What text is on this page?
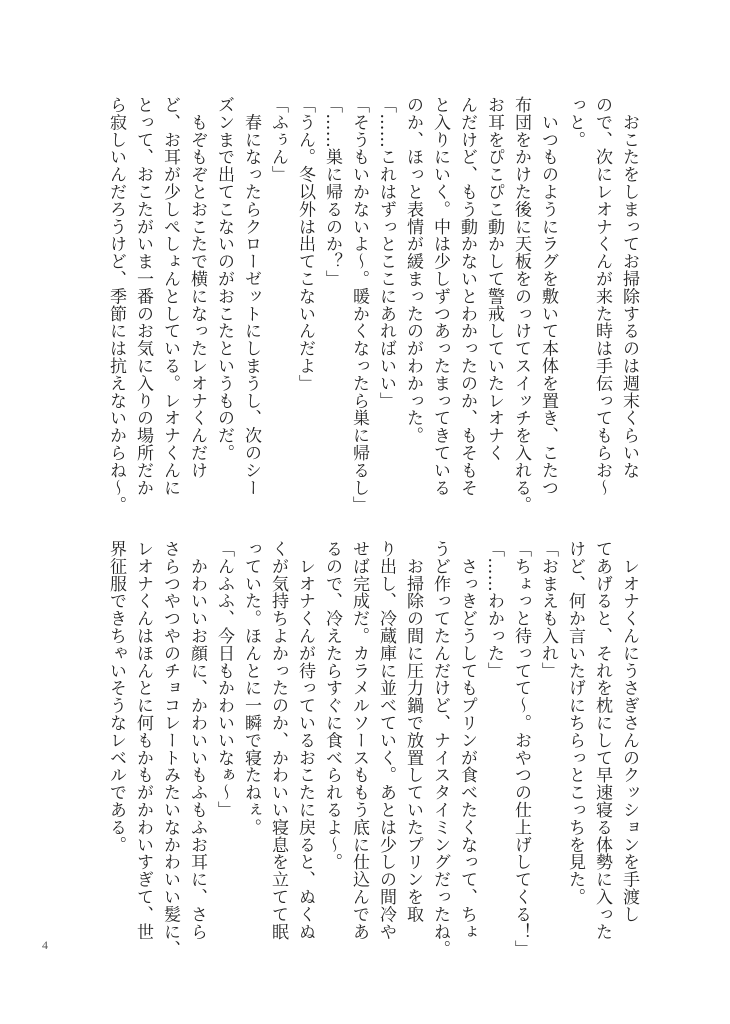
　おこたをしまってお掃除するのは週末くらいな
ので、次にレオナくんが来た時は手伝ってもらお～
っと。
　いつものようにラグを敷いて本体を置き、こたつ
布団をかけた後に天板をのっけてスイッチを入れる。
お耳をぴこぴこ動かして警戒していたレオナく
んだけど、もう動かないとわかったのか、もそもそ
と入りにいく。中は少しずつあったまってきている
のか、ほっと表情が緩まったのがわかった。
「……これはずっとここにあればいい」
「そうもいかないよ～。暖かくなったら巣に帰るし」
「……巣に帰るのか？」
「うん。冬以外は出てこないんだよ」
「ふぅん」
　春になったらクローゼットにしまうし、次のシー
ズンまで出てこないのがおこたというものだ。
　もぞもぞとおこたで横になったレオナくんだけ
ど、お耳が少しぺしょんとしている。レオナくんに
とって、おこたがいま一番のお気に入りの場所だか
ら寂しいんだろうけど、季節には抗えないからね～。
　レオナくんにうさぎさんのクッションを手渡し
てあげると、それを枕にして早速寝る体勢に入った
けど、何か言いたげにちらっとこっちを見た。
「おまえも入れ」
「ちょっと待ってて～。おやつの仕上げしてくる！」
「……わかった」
　さっきどうしてもプリンが食べたくなって、ちょ
うど作ってたんだけど、ナイスタイミングだったね。
　お掃除の間に圧力鍋で放置していたプリンを取
り出し、冷蔵庫に並べていく。あとは少しの間冷や
せば完成だ。カラメルソースももう底に仕込んであ
るので、冷えたらすぐに食べられるよ～。
　レオナくんが待っているおこたに戻ると、ぬくぬ
くが気持ちよかったのか、かわいい寝息を立てて眠
っていた。ほんとに一瞬で寝たねぇ。
「んふふ、今日もかわいいなぁ～」
　かわいいお顔に、かわいいもふもふお耳に、さら
さらつやつやのチョコレートみたいなかわいい髪に、
レオナくんはほんとに何もかもがかわいすぎて、世
界征服できちゃいそうなレベルである。
4
